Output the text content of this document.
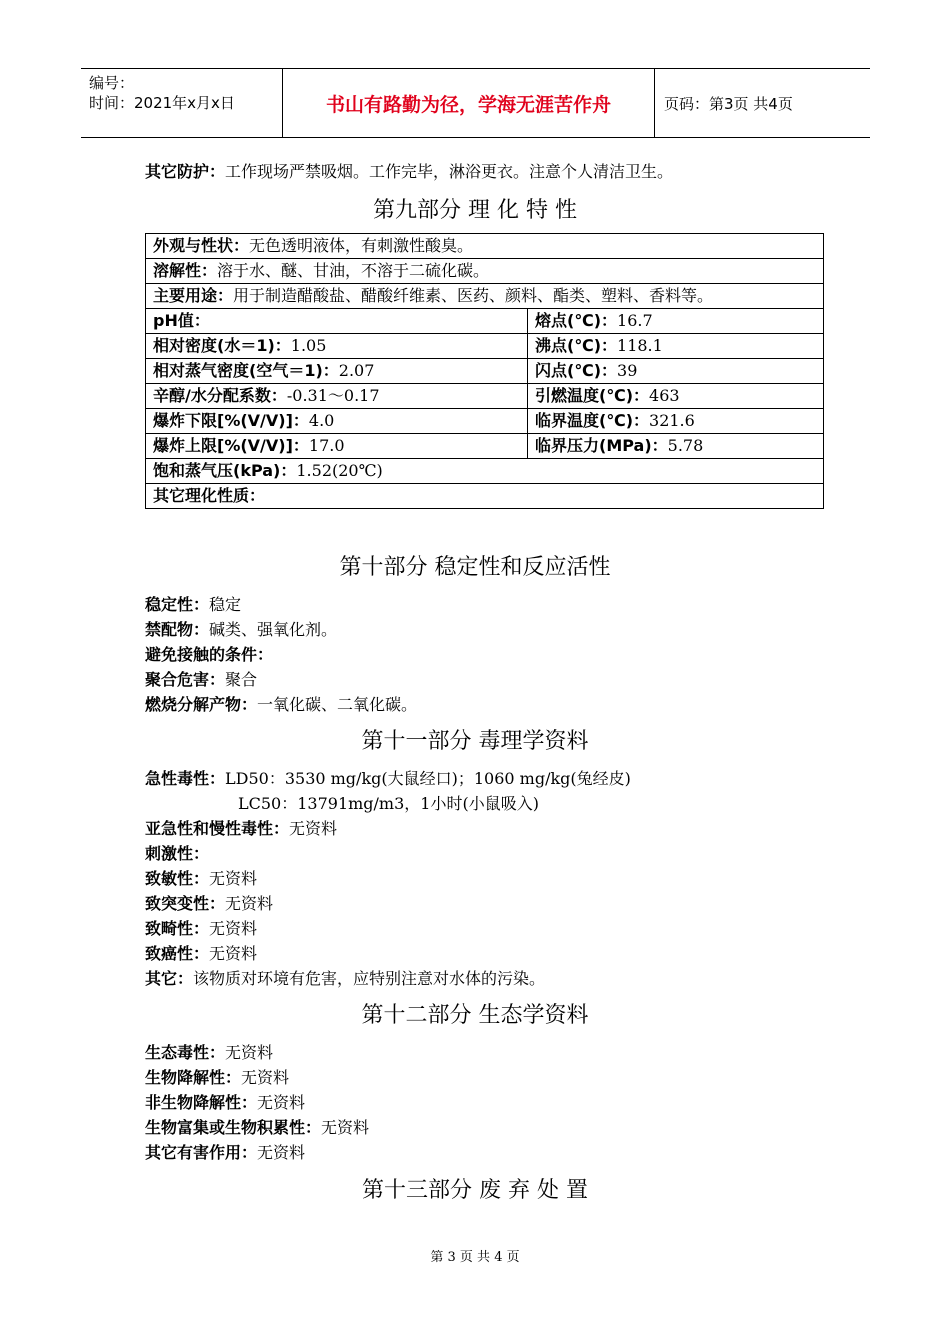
编号：
时间：2021年x月x日	书山有路勤为径，学海无涯苦作舟	页码：第3页 共4页
其它防护：工作现场严禁吸烟。工作完毕，淋浴更衣。注意个人清洁卫生。
第九部分 理 化 特 性
外观与性状：无色透明液体，有刺激性酸臭。	
溶解性：溶于水、醚、甘油，不溶于二硫化碳。	
主要用途：用于制造醋酸盐、醋酸纤维素、医药、颜料、酯类、塑料、香料等。	
pH值：	熔点(℃)：16.7
相对密度(水＝1)：1.05	沸点(℃)：118.1
相对蒸气密度(空气＝1)：2.07	闪点(℃)：39
辛醇/水分配系数：-0.31～0.17	引燃温度(℃)：463
爆炸下限[%(V/V)]：4.0	临界温度(℃)：321.6
爆炸上限[%(V/V)]：17.0	临界压力(MPa)：5.78
饱和蒸气压(kPa)：1.52(20℃)	
其它理化性质：	
第十部分 稳定性和反应活性
稳定性：稳定
禁配物：碱类、强氧化剂。
避免接触的条件：
聚合危害：聚合
燃烧分解产物：一氧化碳、二氧化碳。
第十一部分 毒理学资料
急性毒性：LD50：3530 mg/kg(大鼠经口)；1060 mg/kg(兔经皮)
LC50：13791mg/m3，1小时(小鼠吸入)
亚急性和慢性毒性：无资料
刺激性：
致敏性：无资料
致突变性：无资料
致畸性：无资料
致癌性：无资料
其它：该物质对环境有危害，应特别注意对水体的污染。
第十二部分 生态学资料
生态毒性：无资料
生物降解性：无资料
非生物降解性：无资料
生物富集或生物积累性：无资料
其它有害作用：无资料
第十三部分 废 弃 处 置
第 3 页 共 4 页
